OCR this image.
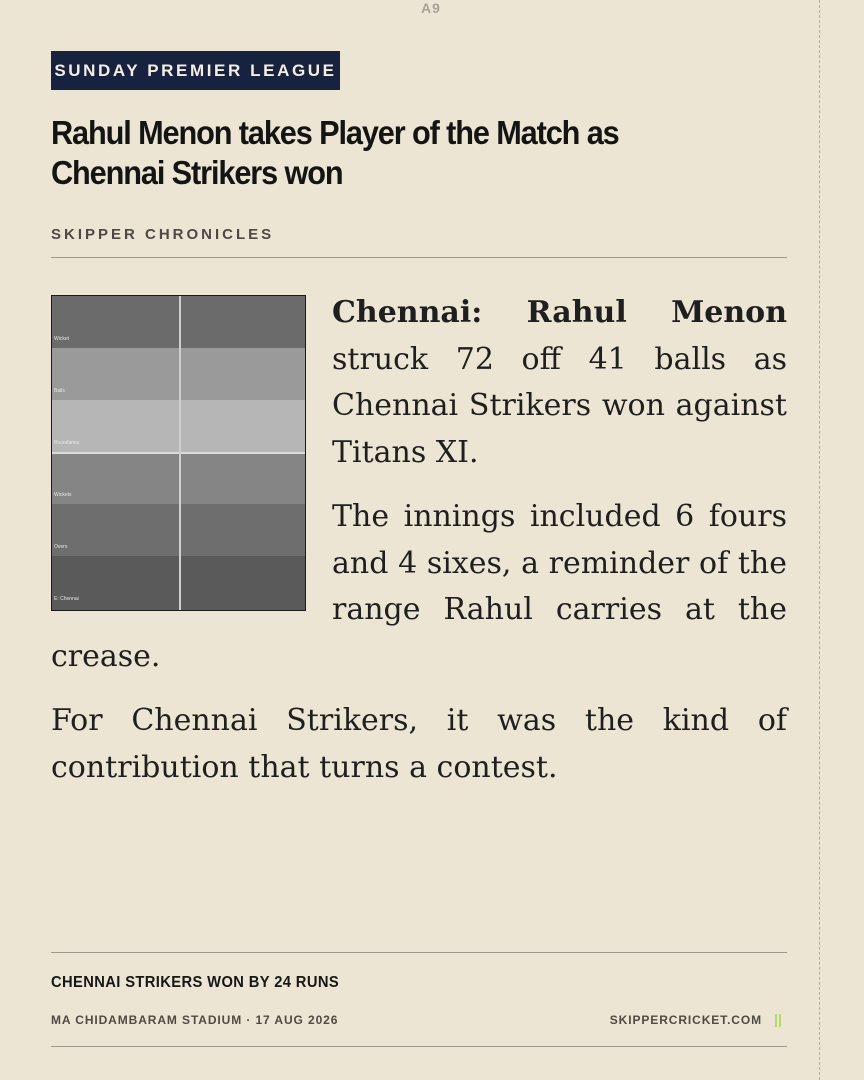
A9
SUNDAY PREMIER LEAGUE
Rahul Menon takes Player of the Match as Chennai Strikers won
SKIPPER CHRONICLES
Wicket
Balls
Boundaries
Wickets
Overs
E: Chennai

Chennai: Rahul Menon struck 72 off 41 balls as Chennai Strikers won against Titans XI.

The innings included 6 fours and 4 sixes, a reminder of the range Rahul carries at the crease.

For Chennai Strikers, it was the kind of contribution that turns a contest.

CHENNAI STRIKERS WON BY 24 RUNS
MA CHIDAMBARAM STADIUM · 17 AUG 2026	SKIPPERCRICKET.COM
